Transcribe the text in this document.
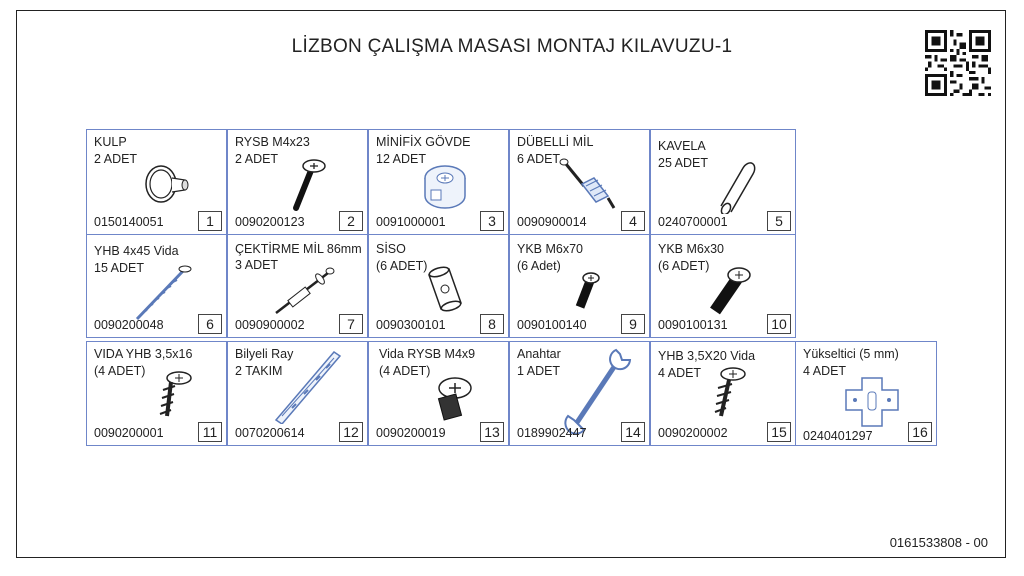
LİZBON ÇALIŞMA MASASI MONTAJ KILAVUZU-1
KULP
2 ADET
0150140051	1
RYSB M4x23
2 ADET
0090200123	2
MİNİFİX GÖVDE
12 ADET
0091000001	3
DÜBELLİ MİL
6 ADET
0090900014	4
KAVELA
25 ADET
0240700001	5
YHB 4x45 Vida
15 ADET
0090200048	6
ÇEKTİRME MİL 86mm
3 ADET
0090900002	7
SİSO
(6 ADET)
0090300101	8
YKB M6x70
(6 Adet)
0090100140	9
YKB M6x30
(6 ADET)
0090100131	10
VIDA YHB 3,5x16
(4 ADET)
0090200001	11
Bilyeli Ray
2 TAKIM
0070200614	12
Vida RYSB M4x9
(4 ADET)
0090200019	13
Anahtar
1 ADET
0189902447	14
YHB 3,5X20 Vida
4 ADET
0090200002	15
Yükseltici (5 mm)
4 ADET
0240401297	16
0161533808 - 00
